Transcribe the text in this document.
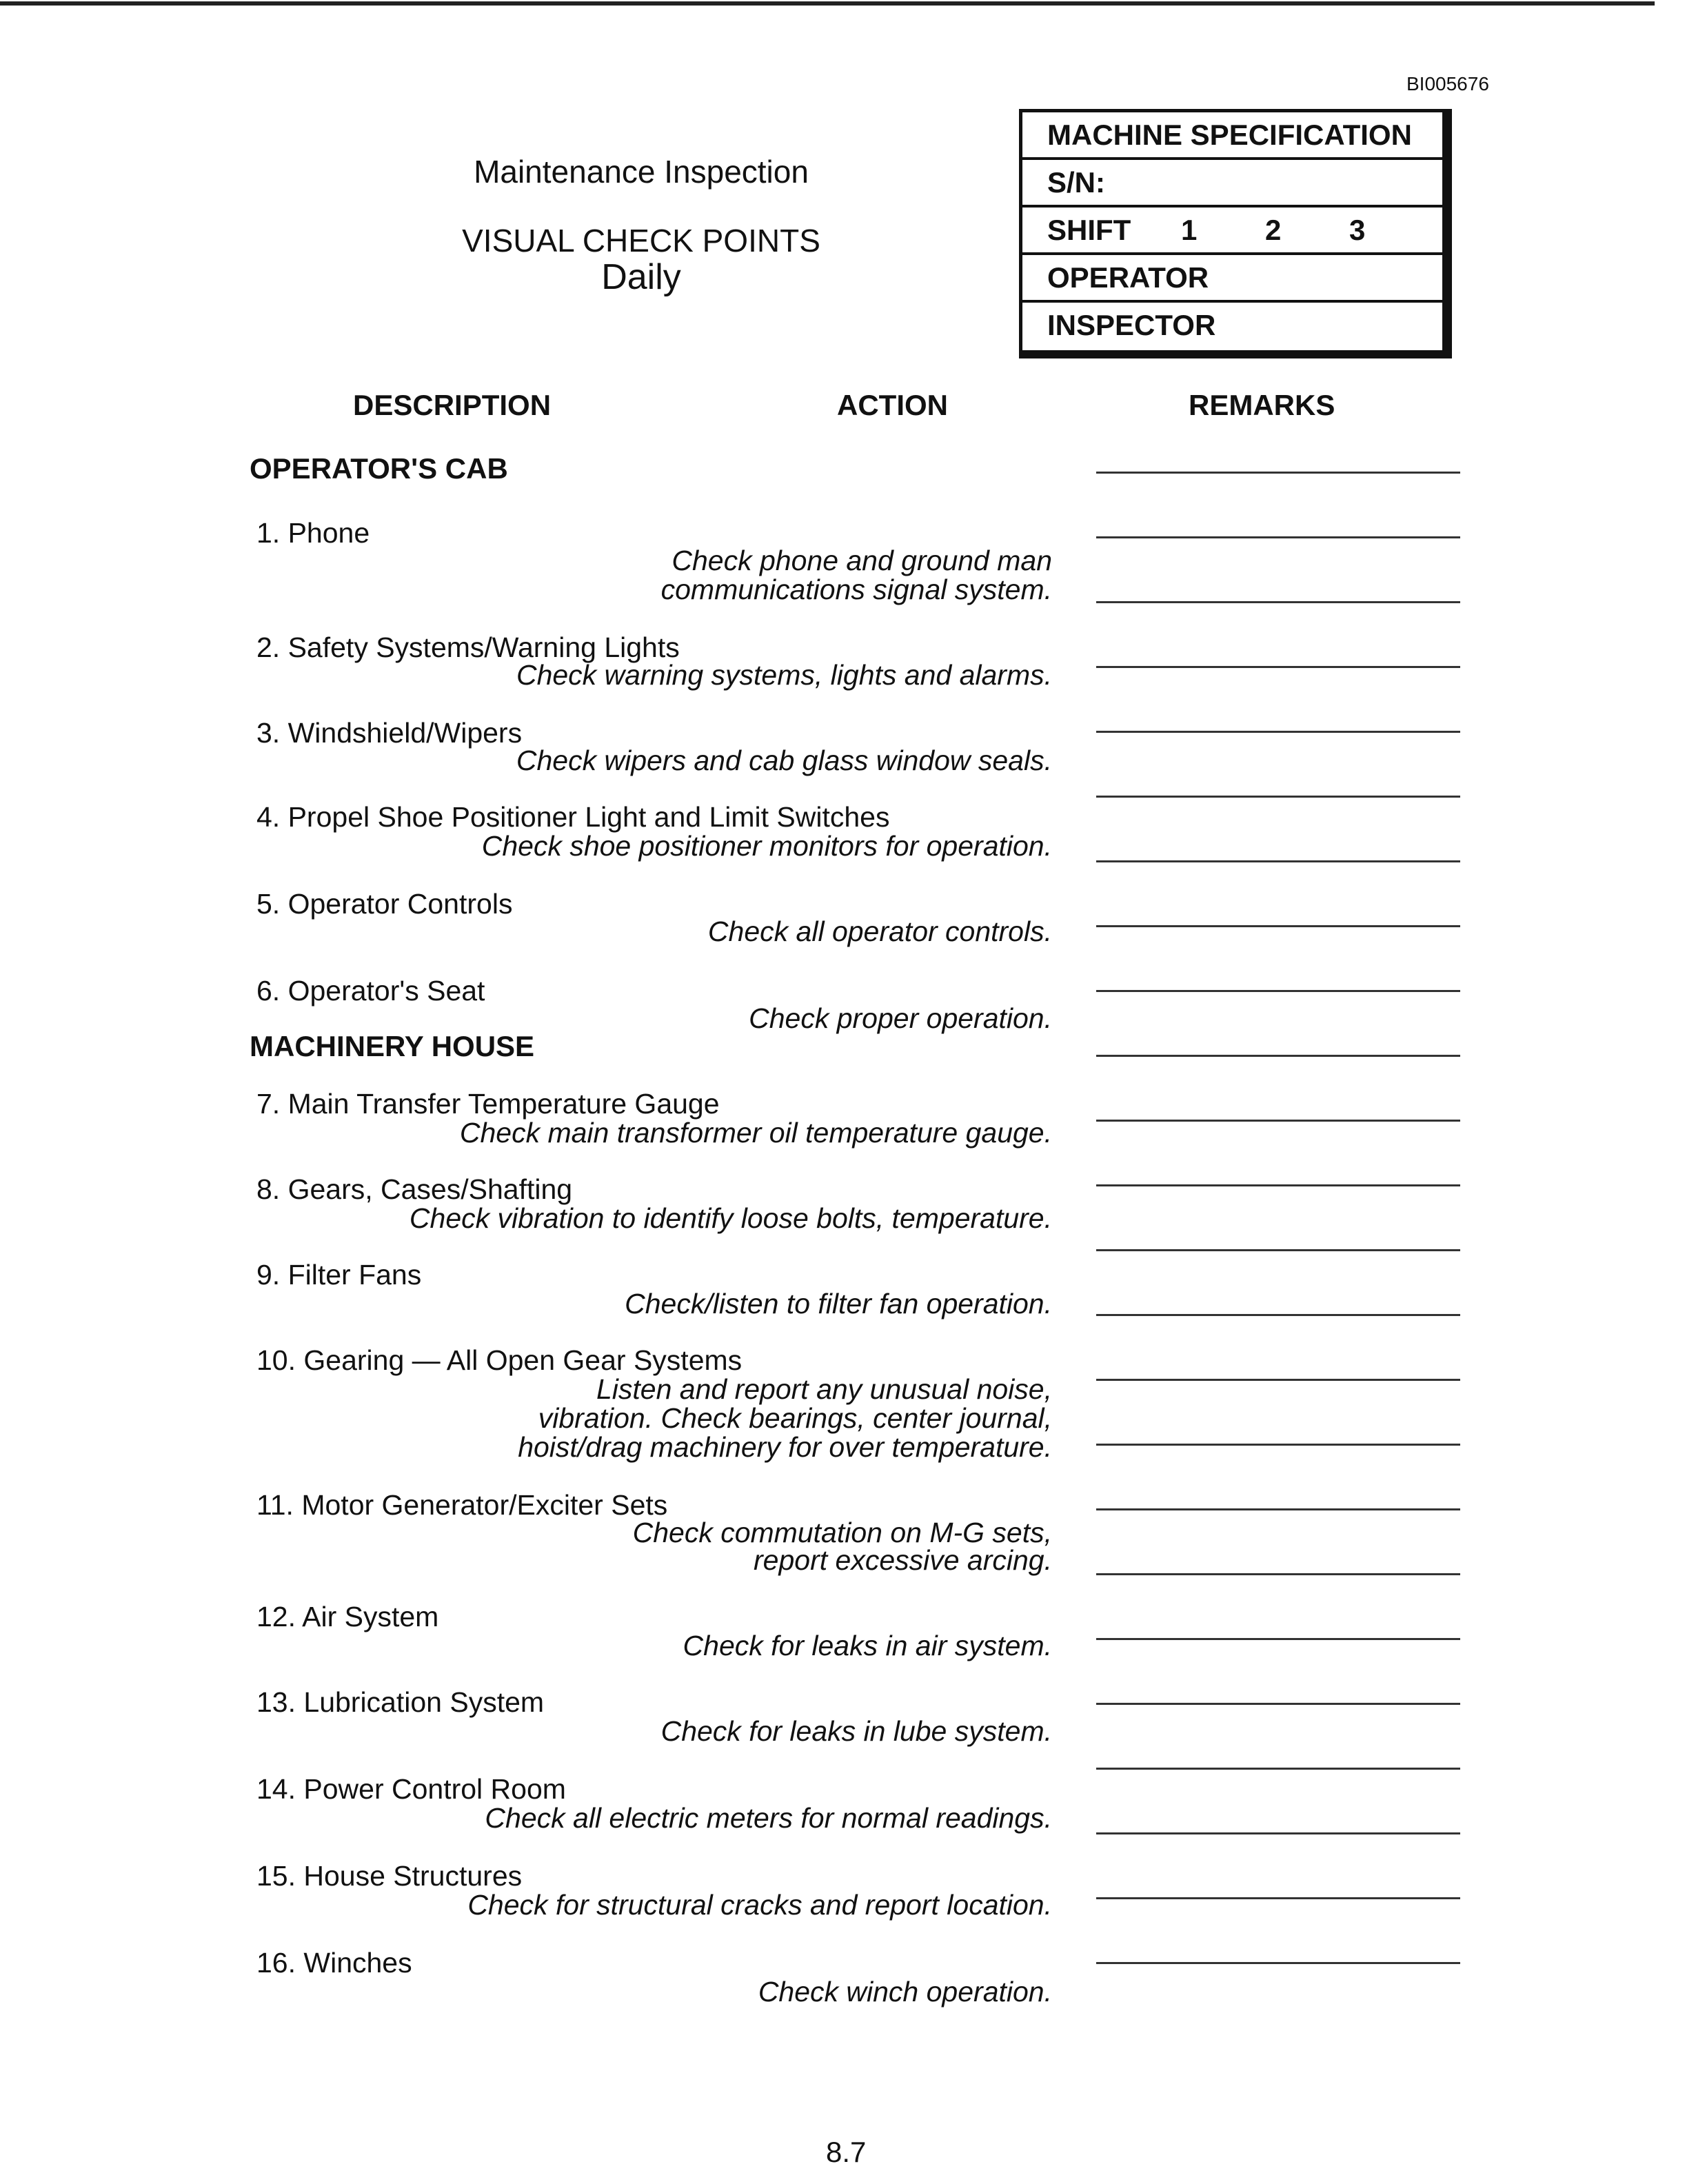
BI005676
Maintenance Inspection
VISUAL CHECK POINTS
Daily
MACHINE SPECIFICATION
S/N:
SHIFT 1 2 3
OPERATOR
INSPECTOR
DESCRIPTION	ACTION	REMARKS
OPERATOR'S CAB
MACHINERY HOUSE
1. Phone
Check phone and ground man
communications signal system.
2. Safety Systems/Warning Lights
Check warning systems, lights and alarms.
3. Windshield/Wipers
Check wipers and cab glass window seals.
4. Propel Shoe Positioner Light and Limit Switches
Check shoe positioner monitors for operation.
5. Operator Controls
Check all operator controls.
6. Operator's Seat
Check proper operation.
7. Main Transfer Temperature Gauge
Check main transformer oil temperature gauge.
8. Gears, Cases/Shafting
Check vibration to identify loose bolts, temperature.
9. Filter Fans
Check/listen to filter fan operation.
10. Gearing — All Open Gear Systems
Listen and report any unusual noise,
vibration. Check bearings, center journal,
hoist/drag machinery for over temperature.
11. Motor Generator/Exciter Sets
Check commutation on M-G sets,
report excessive arcing.
12. Air System
Check for leaks in air system.
13. Lubrication System
Check for leaks in lube system.
14. Power Control Room
Check all electric meters for normal readings.
15. House Structures
Check for structural cracks and report location.
16. Winches
Check winch operation.
8.7
